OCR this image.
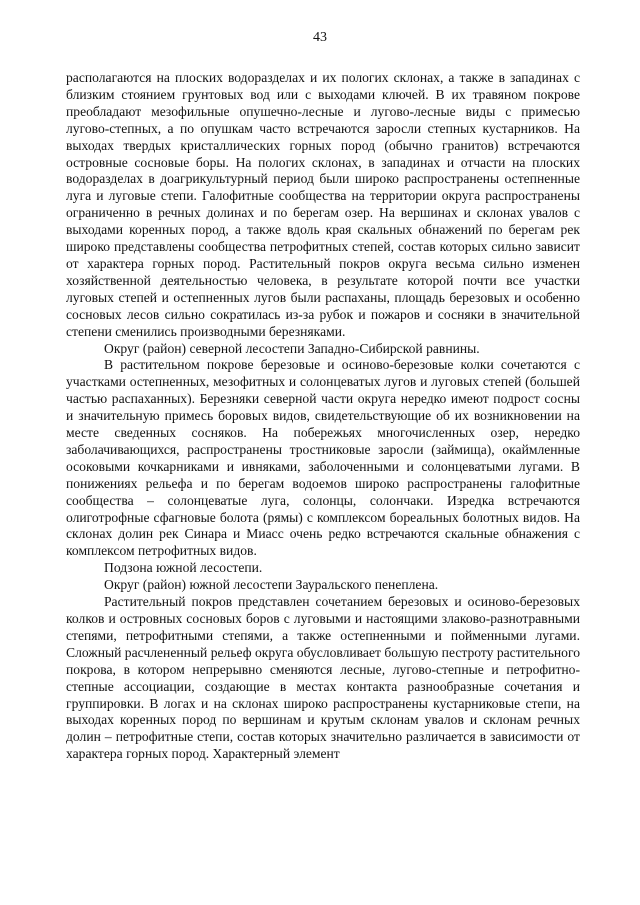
43

располагаются на плоских водоразделах и их пологих склонах, а также в западинах с близким стоянием грунтовых вод или с выходами ключей. В их травяном покрове преобладают мезофильные опушечно-лесные и лугово-лесные виды с примесью лугово-степных, а по опушкам часто встречаются заросли степных кустарников. На выходах твердых кристаллических горных пород (обычно гранитов) встречаются островные сосновые боры. На пологих склонах, в западинах и отчасти на плоских водоразделах в доагрикультурный период были широко распространены остепненные луга и луговые степи. Галофитные сообщества на территории округа распространены ограниченно в речных долинах и по берегам озер. На вершинах и склонах увалов с выходами коренных пород, а также вдоль края скальных обнажений по берегам рек широко представлены сообщества петрофитных степей, состав которых сильно зависит от характера горных пород. Растительный покров округа весьма сильно изменен хозяйственной деятельностью человека, в результате которой почти все участки луговых степей и остепненных лугов были распаханы, площадь березовых и особенно сосновых лесов сильно сократилась из-за рубок и пожаров и сосняки в значительной степени сменились производными березняками.

Округ (район) северной лесостепи Западно-Сибирской равнины.

В растительном покрове березовые и осиново-березовые колки сочетаются с участками остепненных, мезофитных и солонцеватых лугов и луговых степей (большей частью распаханных). Березняки северной части округа нередко имеют подрост сосны и значительную примесь боровых видов, свидетельствующие об их возникновении на месте сведенных сосняков. На побережьях многочисленных озер, нередко заболачивающихся, распространены тростниковые заросли (займища), окаймленные осоковыми кочкарниками и ивняками, заболоченными и солонцеватыми лугами. В понижениях рельефа и по берегам водоемов широко распространены галофитные сообщества – солонцеватые луга, солонцы, солончаки. Изредка встречаются олиготрофные сфагновые болота (рямы) с комплексом бореальных болотных видов. На склонах долин рек Синара и Миасс очень редко встречаются скальные обнажения с комплексом петрофитных видов.

Подзона южной лесостепи.

Округ (район) южной лесостепи Зауральского пенеплена.

Растительный покров представлен сочетанием березовых и осиново-березовых колков и островных сосновых боров с луговыми и настоящими злаково-разнотравными степями, петрофитными степями, а также остепненными и пойменными лугами. Сложный расчлененный рельеф округа обусловливает большую пестроту растительного покрова, в котором непрерывно сменяются лесные, лугово-степные и петрофитно-степные ассоциации, создающие в местах контакта разнообразные сочетания и группировки. В логах и на склонах широко распространены кустарниковые степи, на выходах коренных пород по вершинам и крутым склонам увалов и склонам речных долин – петрофитные степи, состав которых значительно различается в зависимости от характера горных пород. Характерный элемент
